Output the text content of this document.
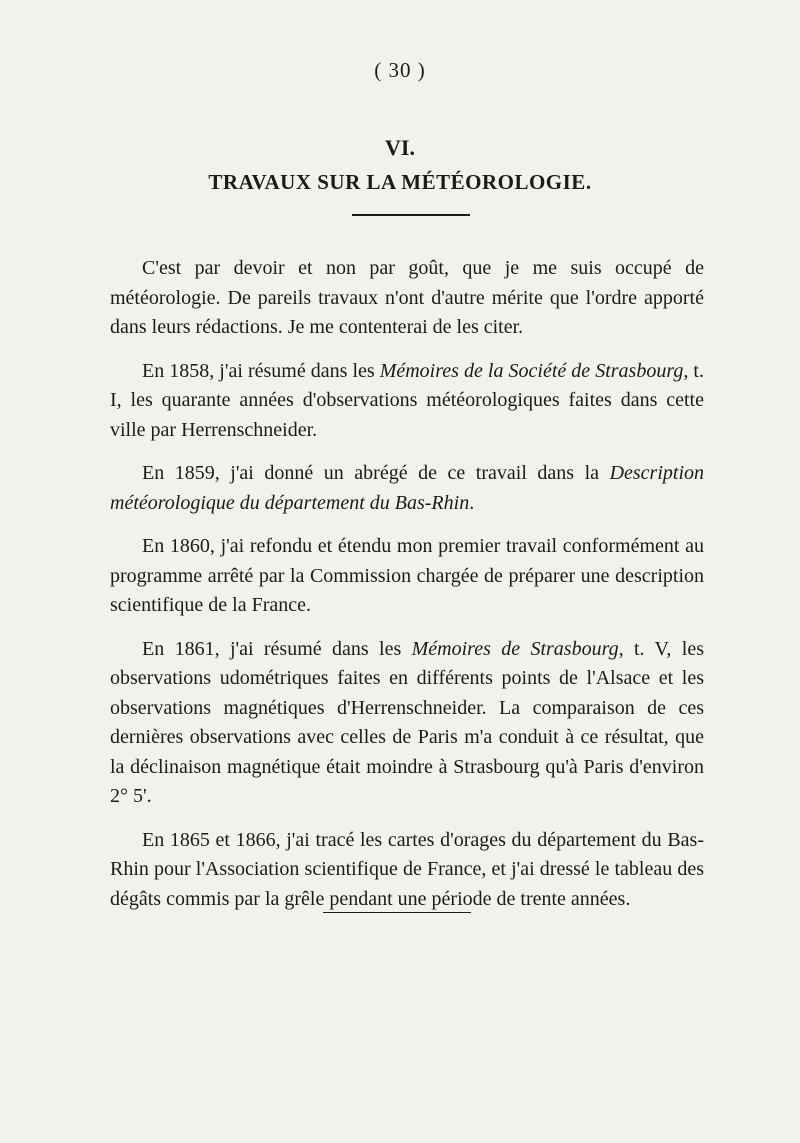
( 30 )
VI.
TRAVAUX SUR LA MÉTÉOROLOGIE.

C'est par devoir et non par goût, que je me suis occupé de météorologie. De pareils travaux n'ont d'autre mérite que l'ordre apporté dans leurs rédactions. Je me contenterai de les citer.

En 1858, j'ai résumé dans les Mémoires de la Société de Strasbourg, t. I, les quarante années d'observations météorologiques faites dans cette ville par Herrenschneider.

En 1859, j'ai donné un abrégé de ce travail dans la Description météorologique du département du Bas-Rhin.

En 1860, j'ai refondu et étendu mon premier travail conformément au programme arrêté par la Commission chargée de préparer une description scientifique de la France.

En 1861, j'ai résumé dans les Mémoires de Strasbourg, t. V, les observations udométriques faites en différents points de l'Alsace et les observations magnétiques d'Herrenschneider. La comparaison de ces dernières observations avec celles de Paris m'a conduit à ce résultat, que la déclinaison magnétique était moindre à Strasbourg qu'à Paris d'environ 2° 5'.

En 1865 et 1866, j'ai tracé les cartes d'orages du département du Bas-Rhin pour l'Association scientifique de France, et j'ai dressé le tableau des dégâts commis par la grêle pendant une période de trente années.
